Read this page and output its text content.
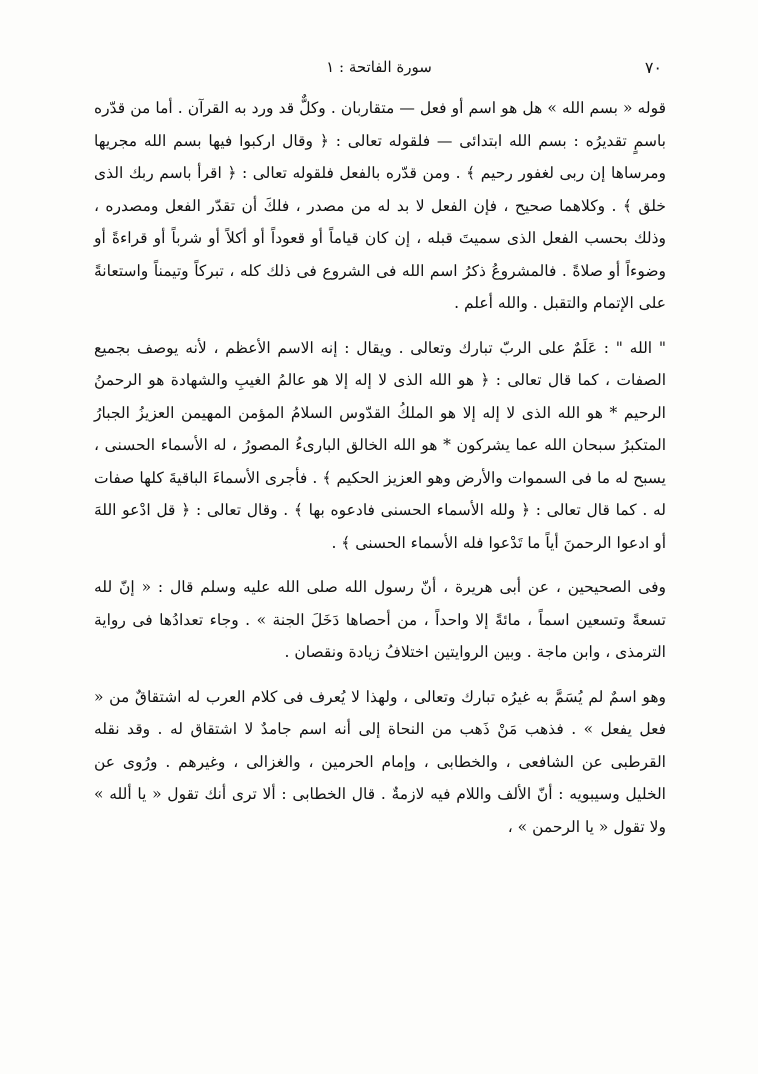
٧٠
سورة الفاتحة : ١

قوله « بسم الله » هل هو اسم أو فعل — متقاربان . وكلٌّ قد ورد به القرآن . أما من قدّره باسمٍ تقديرُه : بسم الله ابتدائى — فلقوله تعالى : ﴿ وقال اركبوا فيها بسم الله مجريها ومرساها إن ربى لغفور رحيم ﴾ . ومن قدّره بالفعل فلقوله تعالى : ﴿ اقرأ باسم ربك الذى خلق ﴾ . وكلاهما صحيح ، فإن الفعل لا بد له من مصدر ، فلكَ أن تقدّر الفعل ومصدره ، وذلك بحسب الفعل الذى سميتَ قبله ، إن كان قياماً أو قعوداً أو أكلاً أو شرباً أو قراءةً أو وضوءاً أو صلاةً . فالمشروعُ ذكرُ اسم الله فى الشروع فى ذلك كله ، تبركاً وتيمناً واستعانةً على الإتمام والتقبل . والله أعلم .

" الله " : عَلَمٌ على الربّ تبارك وتعالى . ويقال : إنه الاسم الأعظم ، لأنه يوصف بجميع الصفات ، كما قال تعالى : ﴿ هو الله الذى لا إله إلا هو عالمُ الغيبِ والشهادة هو الرحمنُ الرحيم * هو الله الذى لا إله إلا هو الملكُ القدّوس السلامُ المؤمن المهيمن العزيزُ الجبارُ المتكبرُ سبحان الله عما يشركون * هو الله الخالق البارىءُ المصورُ ، له الأسماء الحسنى ، يسبح له ما فى السموات والأرض وهو العزيز الحكيم ﴾ . فأجرى الأسماءَ الباقيةَ كلها صفات له . كما قال تعالى : ﴿ ولله الأسماء الحسنى فادعوه بها ﴾ . وقال تعالى : ﴿ قل ادْعو اللهَ أو ادعوا الرحمنَ أياً ما تَدْعوا فله الأسماء الحسنى ﴾ .

وفى الصحيحين ، عن أبى هريرة ، أنّ رسول الله صلى الله عليه وسلم قال : « إنّ لله تسعةً وتسعين اسماً ، مائةً إلا واحداً ، من أحصاها دَخَلَ الجنة » . وجاء تعدادُها فى رواية الترمذى ، وابن ماجة . وبين الروايتين اختلافُ زيادة ونقصان .

وهو اسمٌ لم يُسَمَّ به غيرُه تبارك وتعالى ، ولهذا لا يُعرف فى كلام العرب له اشتقاقٌ من « فعل يفعل » . فذهب مَنْ ذَهب من النحاة إلى أنه اسم جامدٌ لا اشتقاق له . وقد نقله القرطبى عن الشافعى ، والخطابى ، وإمام الحرمين ، والغزالى ، وغيرهم . ورُوى عن الخليل وسيبويه : أنّ الألف واللام فيه لازمةٌ . قال الخطابى : ألا ترى أنك تقول « يا ألله » ولا تقول « يا الرحمن » ،
